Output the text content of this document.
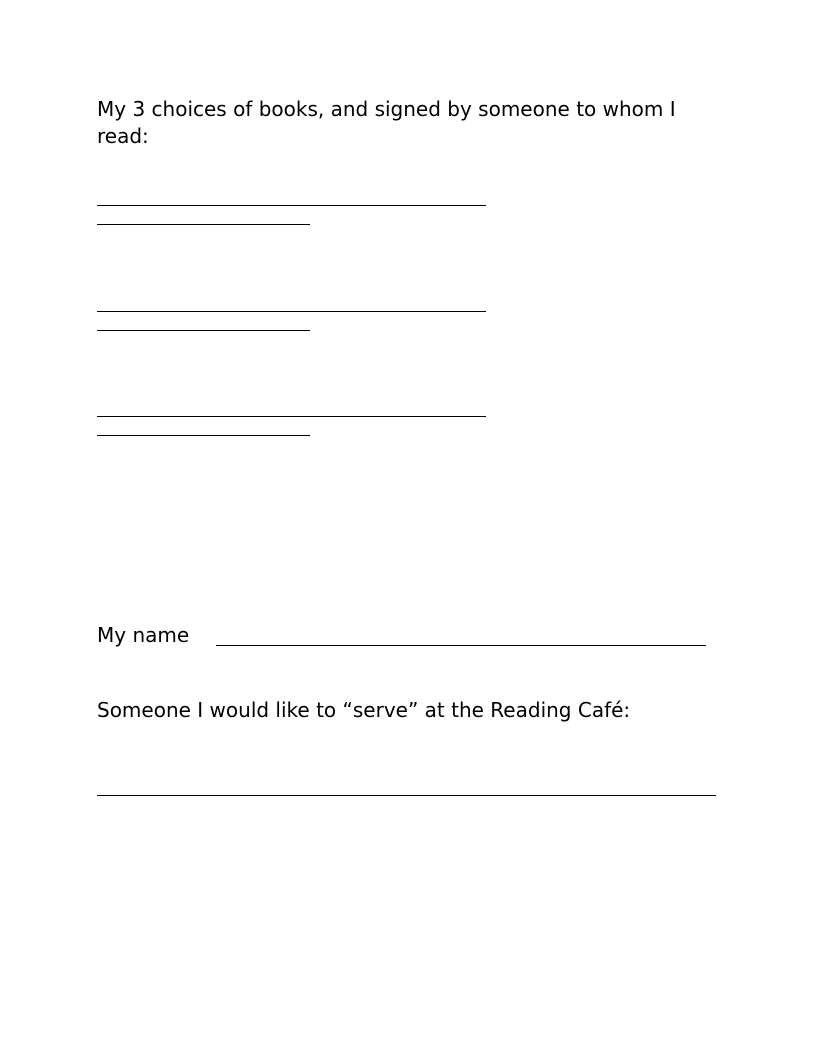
My 3 choices of books, and signed by someone to whom I read:

My name

Someone I would like to “serve” at the Reading Café:
